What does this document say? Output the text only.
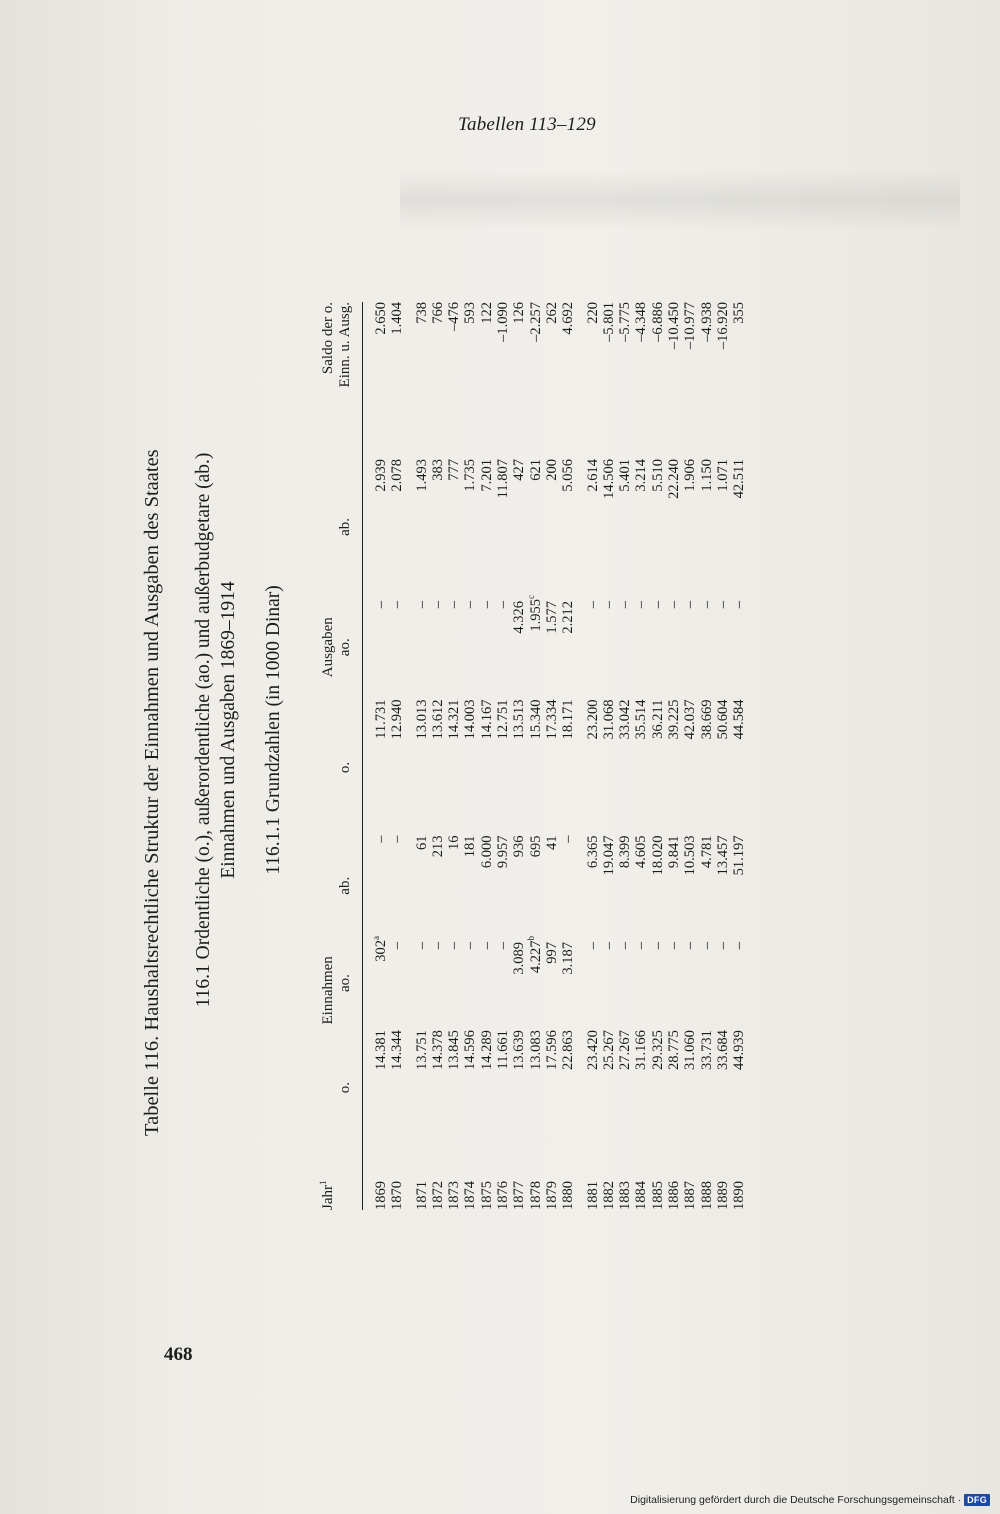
Tabellen 113–129
Tabelle 116. Haushaltsrechtliche Struktur der Einnahmen und Ausgaben des Staates 116.1 Ordentliche (o.), außerordentliche (ao.) und außerbudgetare (ab.) Einnahmen und Ausgaben 1869–1914 116.1.1 Grundzahlen (in 1000 Dinar)
Jahr$^1$	Einnahmen			Ausgaben			Saldo der o.
	o.	ao.	ab.	o.	ao.	ab.	Einn. u. Ausg.
1869	14.381	302$^a$	–	11.731	–	2.939	2.650
1870	14.344	–	–	12.940	–	2.078	1.404

1871	13.751	–	61	13.013	–	1.493	738
1872	14.378	–	213	13.612	–	383	766
1873	13.845	–	16	14.321	–	777	–476
1874	14.596	–	181	14.003	–	1.735	593
1875	14.289	–	6.000	14.167	–	7.201	122
1876	11.661	–	9.957	12.751	–	11.807	–1.090
1877	13.639	3.089	936	13.513	4.326	427	126
1878	13.083	4.227$^b$	695	15.340	1.955$^c$	621	–2.257
1879	17.596	997	41	17.334	1.577	200	262
1880	22.863	3.187	–	18.171	2.212	5.056	4.692

1881	23.420	–	6.365	23.200	–	2.614	220
1882	25.267	–	19.047	31.068	–	14.506	–5.801
1883	27.267	–	8.399	33.042	–	5.401	–5.775
1884	31.166	–	4.605	35.514	–	3.214	–4.348
1885	29.325	–	18.020	36.211	–	5.510	–6.886
1886	28.775	–	9.841	39.225	–	22.240	–10.450
1887	31.060	–	10.503	42.037	–	1.906	–10.977
1888	33.731	–	4.781	38.669	–	1.150	–4.938
1889	33.684	–	13.457	50.604	–	1.071	–16.920
1890	44.939	–	51.197	44.584	–	42.511	355
468
Digitalisierung gefördert durch die Deutsche Forschungsgemeinschaft · DFG
